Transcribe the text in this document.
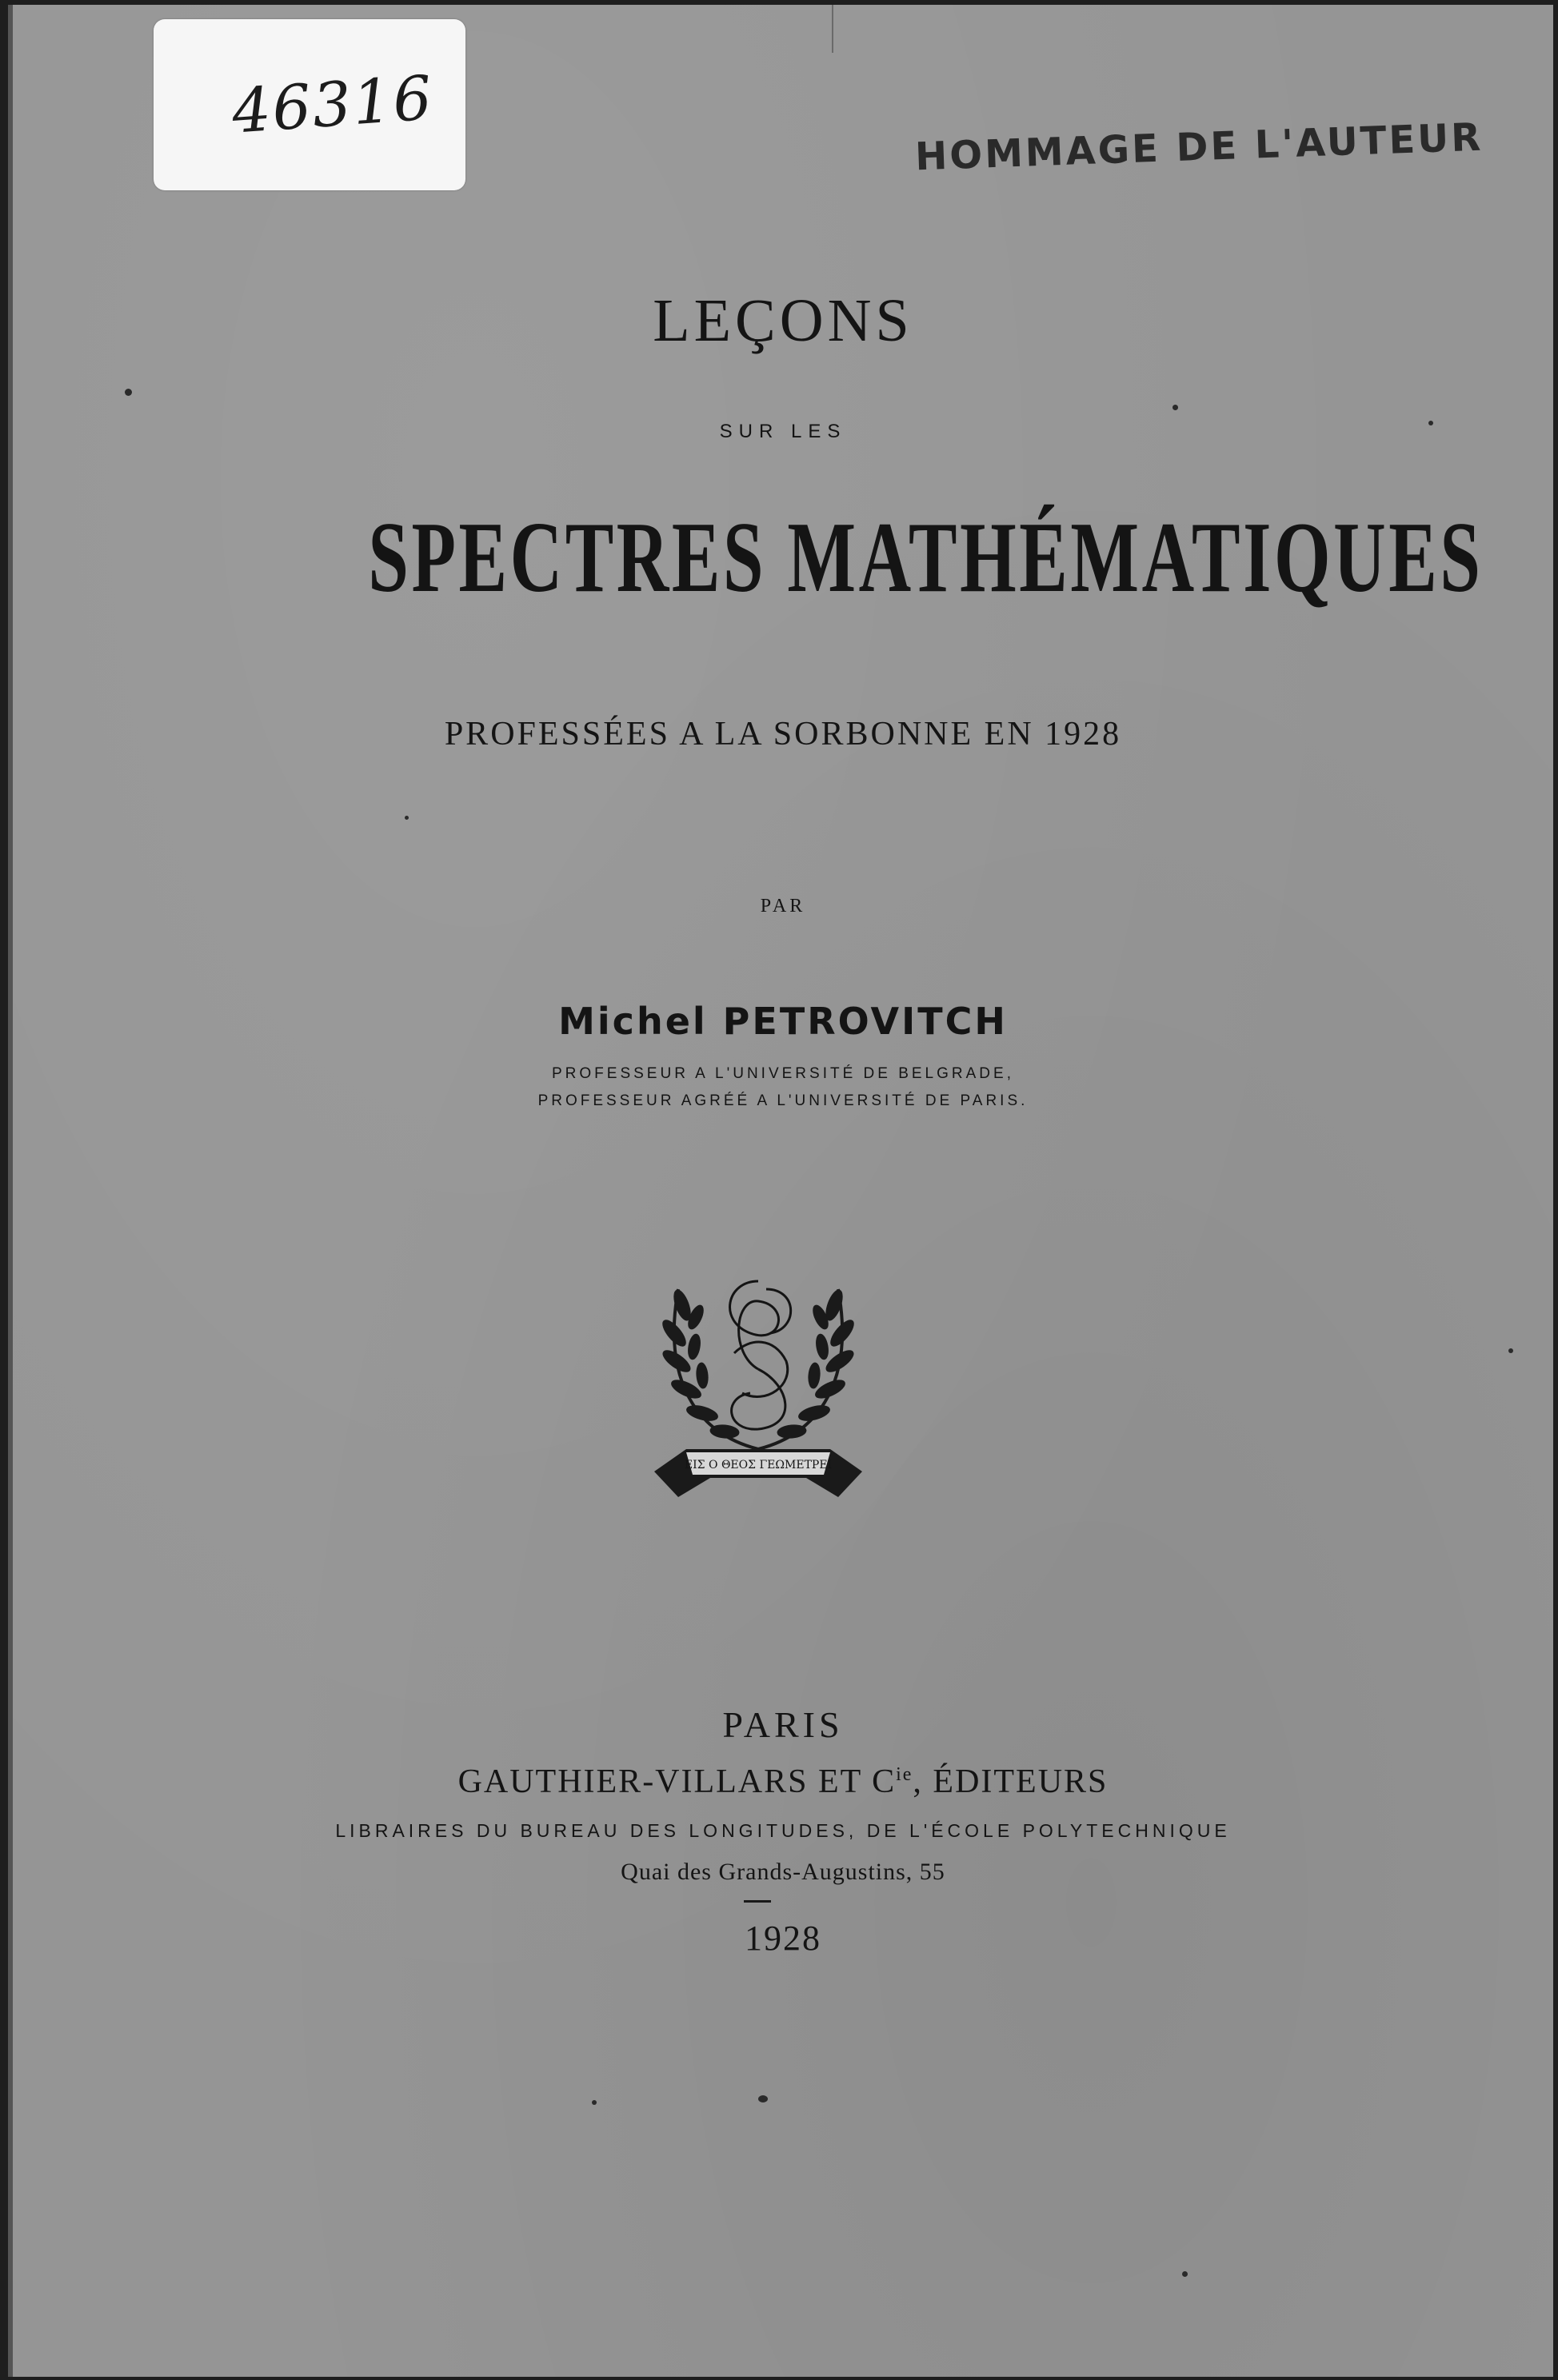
46316
HOMMAGE DE L'AUTEUR
LEÇONS
SUR LES
SPECTRES MATHÉMATIQUES
PROFESSÉES A LA SORBONNE EN 1928
PAR
Michel PETROVITCH
PROFESSEUR A L'UNIVERSITÉ DE BELGRADE,
PROFESSEUR AGRÉÉ A L'UNIVERSITÉ DE PARIS.
ΕΙΣ Ο ΘΕΟΣ ΓΕΩΜΕΤΡΕΙ
PARIS
GAUTHIER-VILLARS ET $C^{ie}$, ÉDITEURS
LIBRAIRES DU BUREAU DES LONGITUDES, DE L'ÉCOLE POLYTECHNIQUE
Quai des Grands-Augustins, 55
1928
